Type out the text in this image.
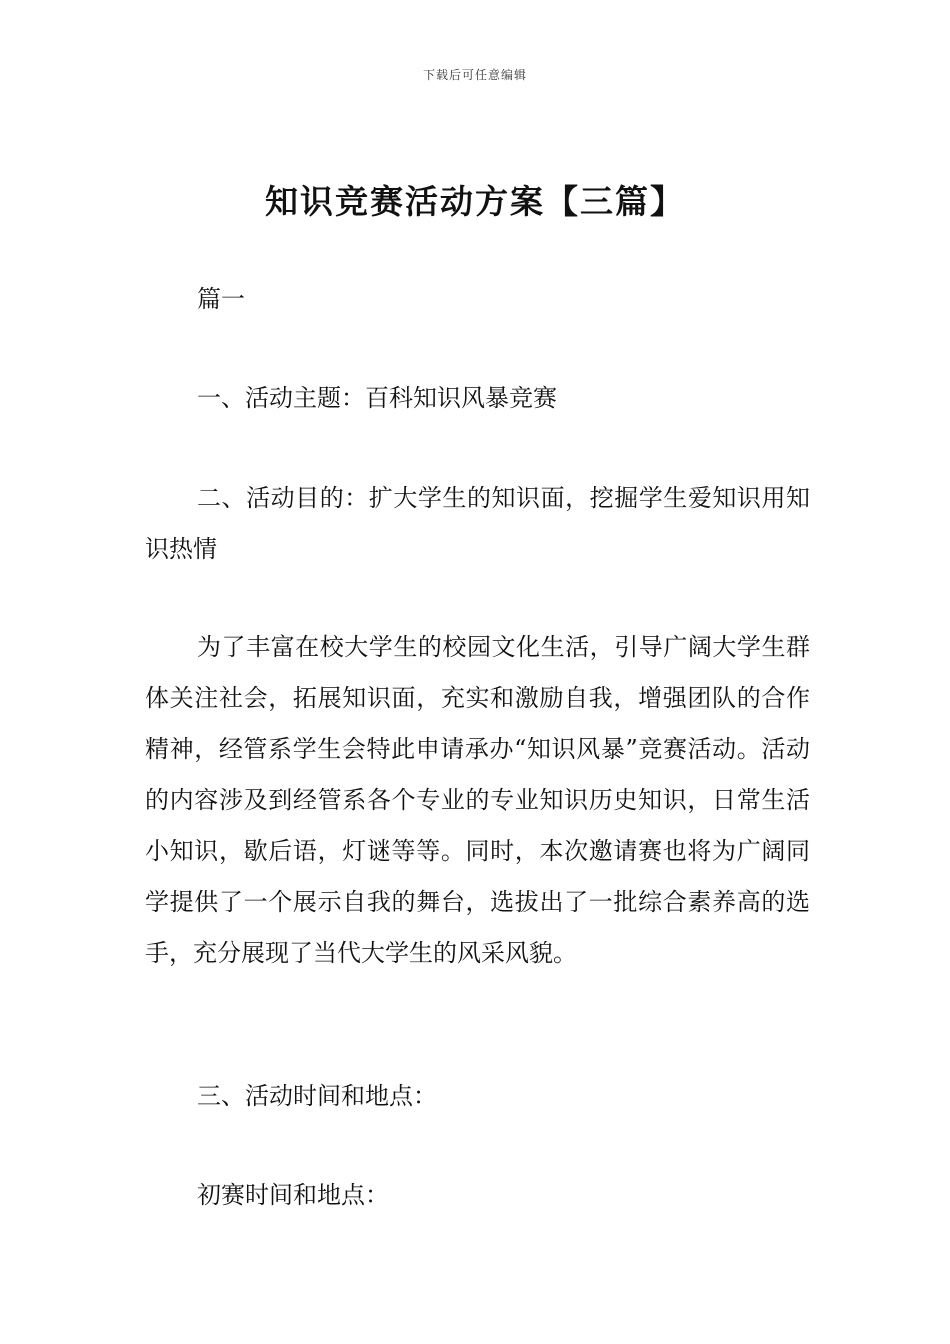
下载后可任意编辑
知识竞赛活动方案【三篇】

篇一

一、活动主题：百科知识风暴竞赛

二、活动目的：扩大学生的知识面，挖掘学生爱知识用知识热情

为了丰富在校大学生的校园文化生活，引导广阔大学生群体关注社会，拓展知识面，充实和激励自我，增强团队的合作精神，经管系学生会特此申请承办“知识风暴”竞赛活动。活动的内容涉及到经管系各个专业的专业知识历史知识，日常生活小知识，歇后语，灯谜等等。同时，本次邀请赛也将为广阔同学提供了一个展示自我的舞台，选拔出了一批综合素养高的选手，充分展现了当代大学生的风采风貌。

三、活动时间和地点：

初赛时间和地点：
